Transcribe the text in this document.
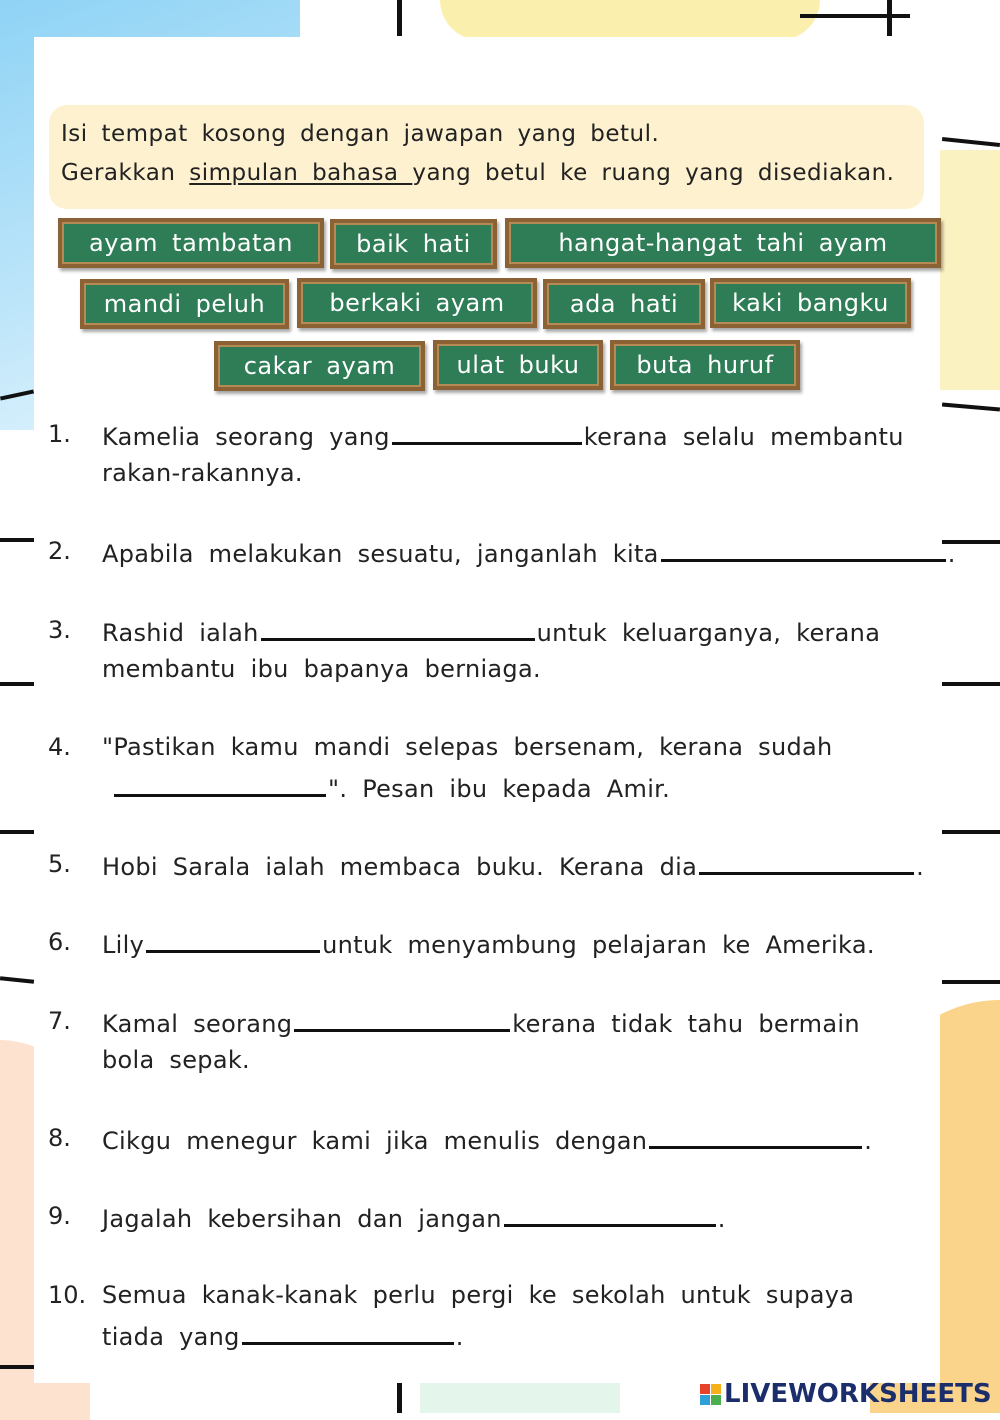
Isi tempat kosong dengan jawapan yang betul.
Gerakkan simpulan bahasa yang betul ke ruang yang disediakan.
ayam tambatan	baik hati	hangat-hangat tahi ayam
mandi peluh	berkaki ayam	ada hati	kaki bangku
cakar ayam	ulat buku	buta huruf
1. Kamelia seorang yang	kerana selalu membantu
rakan-rakannya.
2. Apabila melakukan sesuatu, janganlah kita	.
3. Rashid ialah	untuk keluarganya, kerana
membantu ibu bapanya berniaga.
4. "Pastikan kamu mandi selepas bersenam, kerana sudah
". Pesan ibu kepada Amir.
5. Hobi Sarala ialah membaca buku. Kerana dia	.
6. Lily	untuk menyambung pelajaran ke Amerika.
7. Kamal seorang	kerana tidak tahu bermain
bola sepak.
8. Cikgu menegur kami jika menulis dengan	.
9. Jagalah kebersihan dan jangan	.
10. Semua kanak-kanak perlu pergi ke sekolah untuk supaya
tiada yang	.
LIVEWORKSHEETS
